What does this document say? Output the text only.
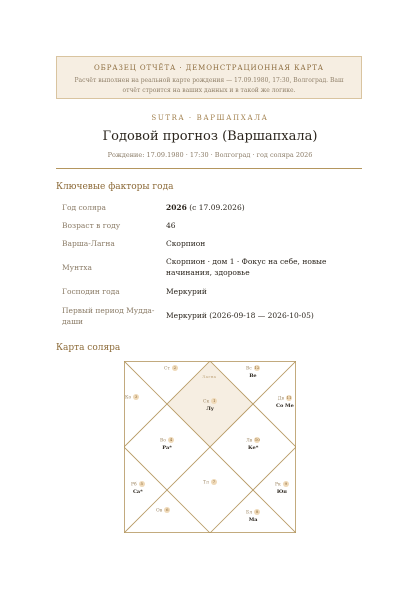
ОБРАЗЕЦ ОТЧЁТА · ДЕМОНСТРАЦИОННАЯ КАРТА
Расчёт выполнен на реальной карте рождения — 17.09.1980, 17:30, Волгоград. Ваш отчёт строится на ваших данных и в такой же логике.
SUTRA · ВАРШАПХАЛА
Годовой прогноз (Варшапхала)
Рождение: 17.09.1980 · 17:30 · Волгоград · год соляра 2026
Ключевые факторы года
Год соляра	2026 (с 17.09.2026)
Возраст в году	46
Варша-Лагна	Скорпион
Мунтха	Скорпион · дом 1 · Фокус на себе, новые начинания, здоровье
Господин года	Меркурий
Первый период Мудда-даши	Меркурий (2026-09-18 — 2026-10-05)
Карта соляра
Лагна
Ск 1
Лу
Ст 2
Ко 3
Во 4
Ра*
Рб 5
Са*
Ов 6
Тл 7
Бл 8
Ма
Рк 9
Юп
Лв 10
Ке*
Дв 11
Со Ме
Вс 12
Ве
